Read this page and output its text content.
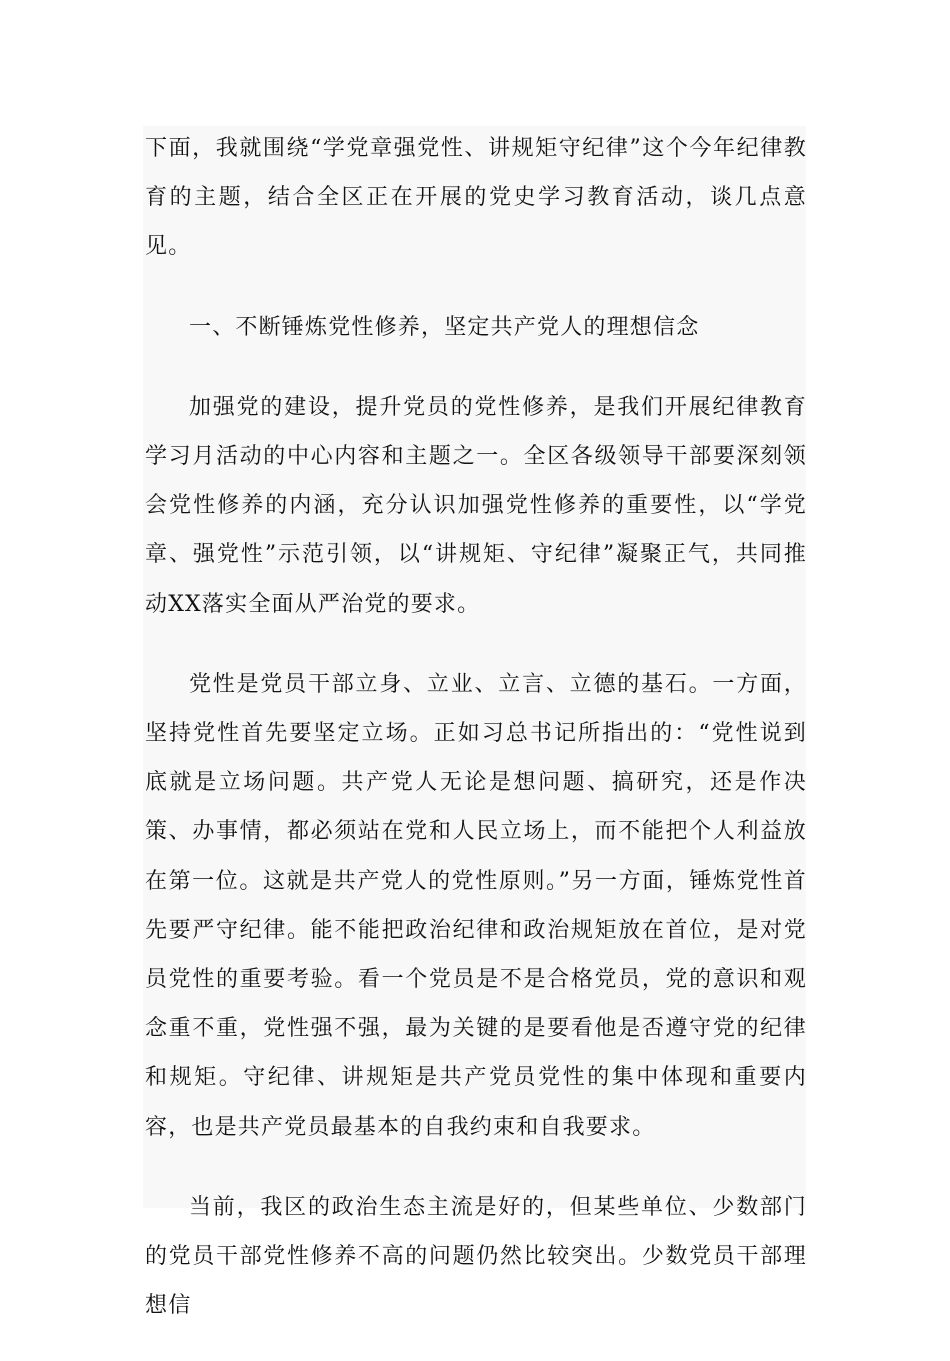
下面，我就围绕“学党章强党性、讲规矩守纪律”这个今年纪律教育的主题，结合全区正在开展的党史学习教育活动，谈几点意见。

一、不断锤炼党性修养，坚定共产党人的理想信念

加强党的建设，提升党员的党性修养，是我们开展纪律教育学习月活动的中心内容和主题之一。全区各级领导干部要深刻领会党性修养的内涵，充分认识加强党性修养的重要性，以“学党章、强党性”示范引领，以“讲规矩、守纪律”凝聚正气，共同推动XX落实全面从严治党的要求。

党性是党员干部立身、立业、立言、立德的基石。一方面，坚持党性首先要坚定立场。正如习总书记所指出的：“党性说到底就是立场问题。共产党人无论是想问题、搞研究，还是作决策、办事情，都必须站在党和人民立场上，而不能把个人利益放在第一位。这就是共产党人的党性原则。”另一方面，锤炼党性首先要严守纪律。能不能把政治纪律和政治规矩放在首位，是对党员党性的重要考验。看一个党员是不是合格党员，党的意识和观念重不重，党性强不强，最为关键的是要看他是否遵守党的纪律和规矩。守纪律、讲规矩是共产党员党性的集中体现和重要内容，也是共产党员最基本的自我约束和自我要求。

当前，我区的政治生态主流是好的，但某些单位、少数部门的党员干部党性修养不高的问题仍然比较突出。少数党员干部理想信
